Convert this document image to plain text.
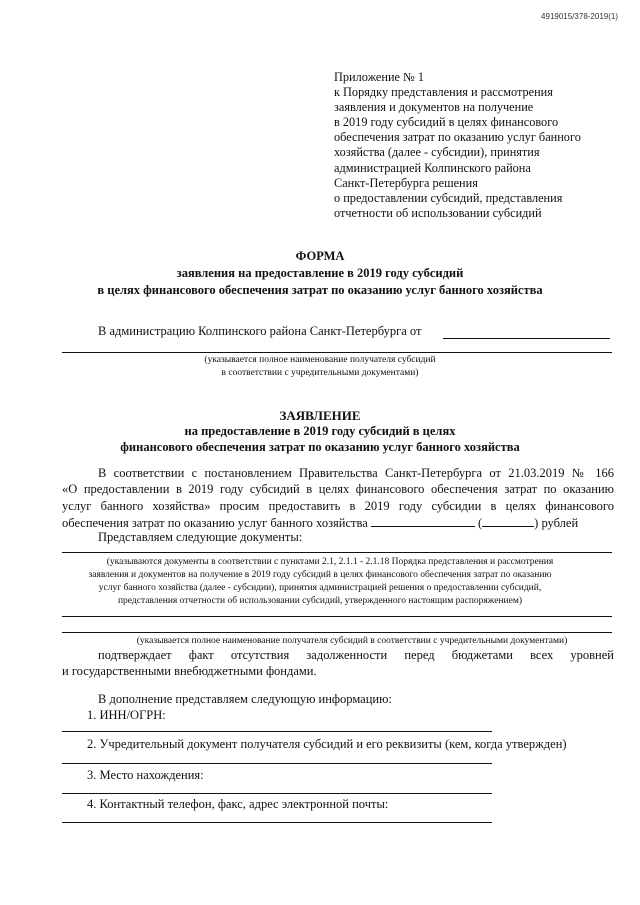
4919015/378-2019(1)
Приложение № 1
к Порядку представления и рассмотрения
заявления и документов на получение
в 2019 году субсидий в целях финансового
обеспечения затрат по оказанию услуг банного
хозяйства (далее - субсидии), принятия
администрацией Колпинского района
Санкт-Петербурга решения
о предоставлении субсидий, представления
отчетности об использовании субсидий
ФОРМА
заявления на предоставление в 2019 году субсидий
в целях финансового обеспечения затрат по оказанию услуг банного хозяйства
В администрацию Колпинского района Санкт-Петербурга от
(указывается полное наименование получателя субсидий
в соответствии с учредительными документами)
ЗАЯВЛЕНИЕ
на предоставление в 2019 году субсидий в целях
финансового обеспечения затрат по оказанию услуг банного хозяйства
В соответствии с постановлением Правительства Санкт-Петербурга от 21.03.2019 № 166
«О предоставлении в 2019 году субсидий в целях финансового обеспечения затрат по оказанию
услуг банного хозяйства» просим предоставить в 2019 году субсидии в целях финансового
обеспечения затрат по оказанию услуг банного хозяйства	(	) рублей
Представляем следующие документы:
(указываются документы в соответствии с пунктами 2.1, 2.1.1 - 2.1.18 Порядка представления и рассмотрения
заявления и документов на получение в 2019 году субсидий в целях финансового обеспечения затрат по оказанию
услуг банного хозяйства (далее - субсидии), принятия администрацией решения о предоставлении субсидий,
представления отчетности об использовании субсидий, утвержденного настоящим распоряжением)
(указывается полное наименование получателя субсидий в соответствии с учредительными документами)
подтверждает факт отсутствия задолженности перед бюджетами всех уровней
и государственными внебюджетными фондами.
В дополнение представляем следующую информацию:
1. ИНН/ОГРН:
2. Учредительный документ получателя субсидий и его реквизиты (кем, когда утвержден)
3. Место нахождения:
4. Контактный телефон, факс, адрес электронной почты:
